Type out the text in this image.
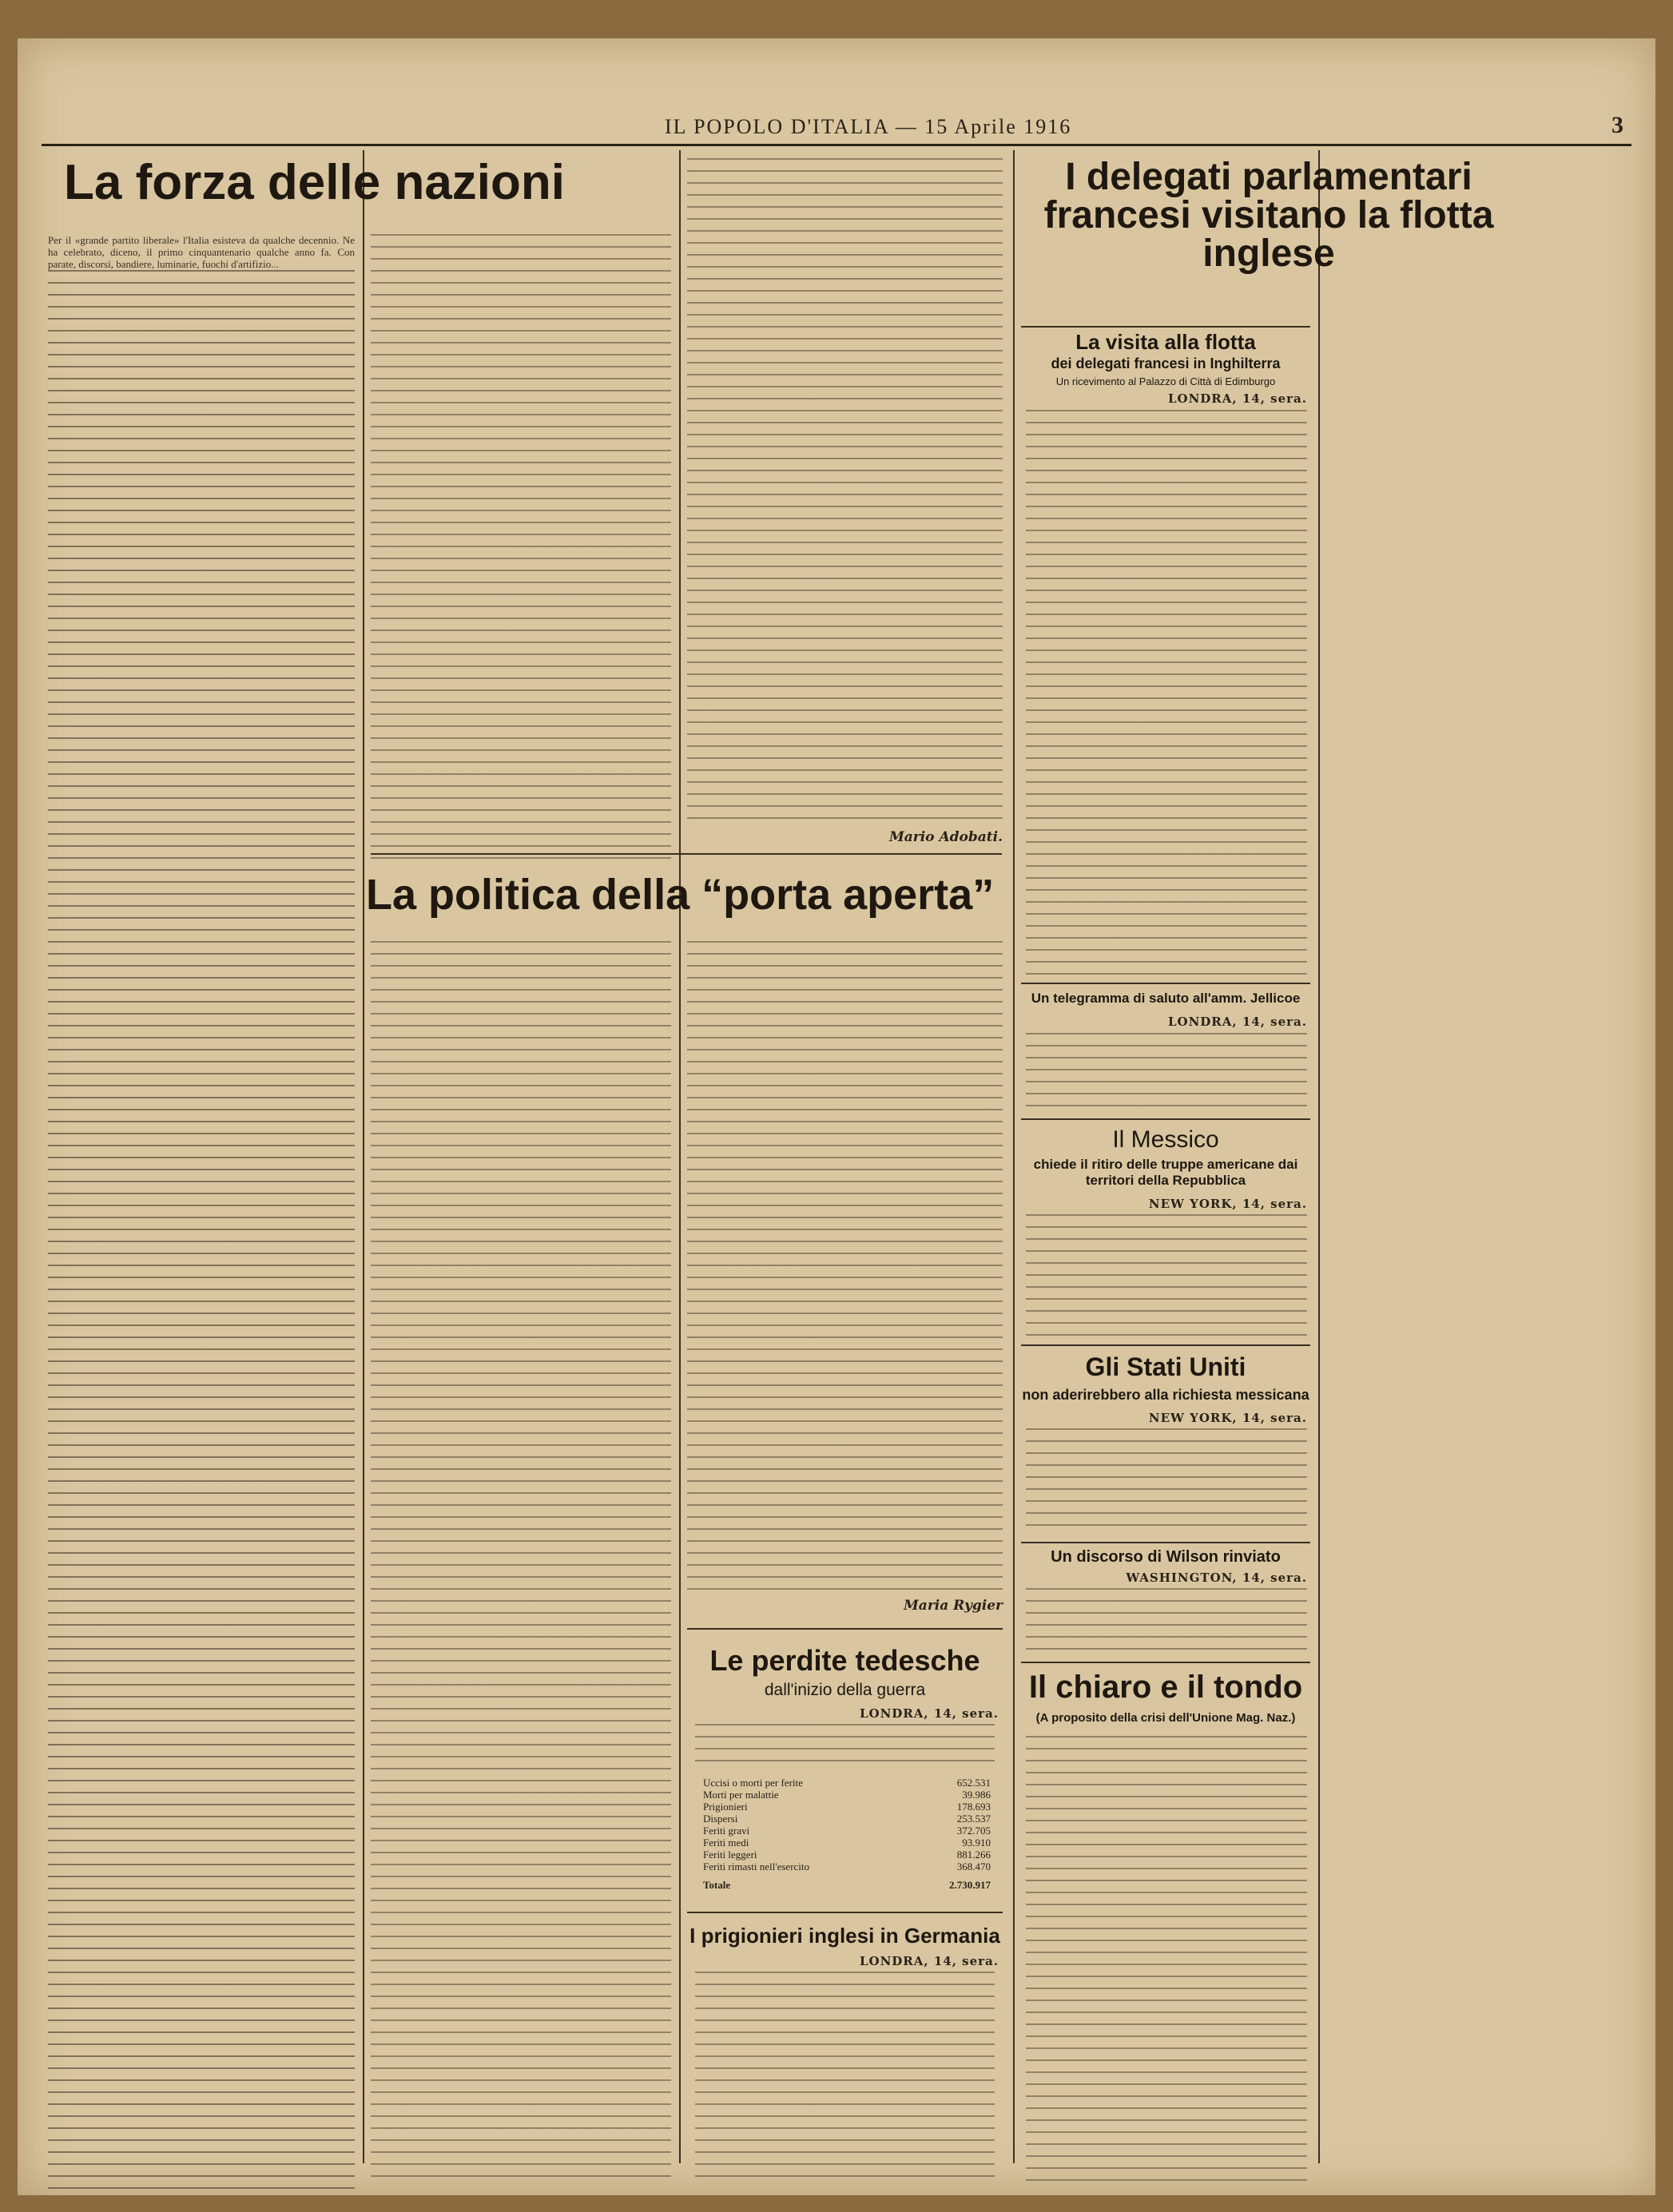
IL POPOLO D'ITALIA — 15 Aprile 1916	3
La forza delle nazioni
Per il «grande partito liberale» l'Italia esisteva da qualche decennio. Ne ha celebrato, diceno, il primo cinquantenario qualche anno fa. Con parate, discorsi, bandiere, luminarie, fuochi d'artifizio...
Mario Adobati.
La politica della “porta aperta”
Maria Rygier
Le perdite tedesche
dall'inizio della guerra
LONDRA, 14, sera.
Uccisi o morti per ferite	652.531
Morti per malattie	39.986
Prigionieri	178.693
Dispersi	253.537
Feriti gravi	372.705
Feriti medi	93.910
Feriti leggeri	881.266
Feriti rimasti nell'esercito	368.470
Totale	2.730.917
I prigionieri inglesi in Germania
LONDRA, 14, sera.
I delegati parlamentari francesi visitano la flotta inglese
La visita alla flotta
dei delegati francesi in Inghilterra
Un ricevimento al Palazzo di Città di Edimburgo
LONDRA, 14, sera.
Un telegramma di saluto all'amm. Jellicoe
LONDRA, 14, sera.
Il Messico
chiede il ritiro delle truppe americane dai territori della Repubblica
NEW YORK, 14, sera.
Gli Stati Uniti
non aderirebbero alla richiesta messicana
NEW YORK, 14, sera.
Un discorso di Wilson rinviato
WASHINGTON, 14, sera.
Il chiaro e il tondo
(A proposito della crisi dell'Unione Mag. Naz.)
